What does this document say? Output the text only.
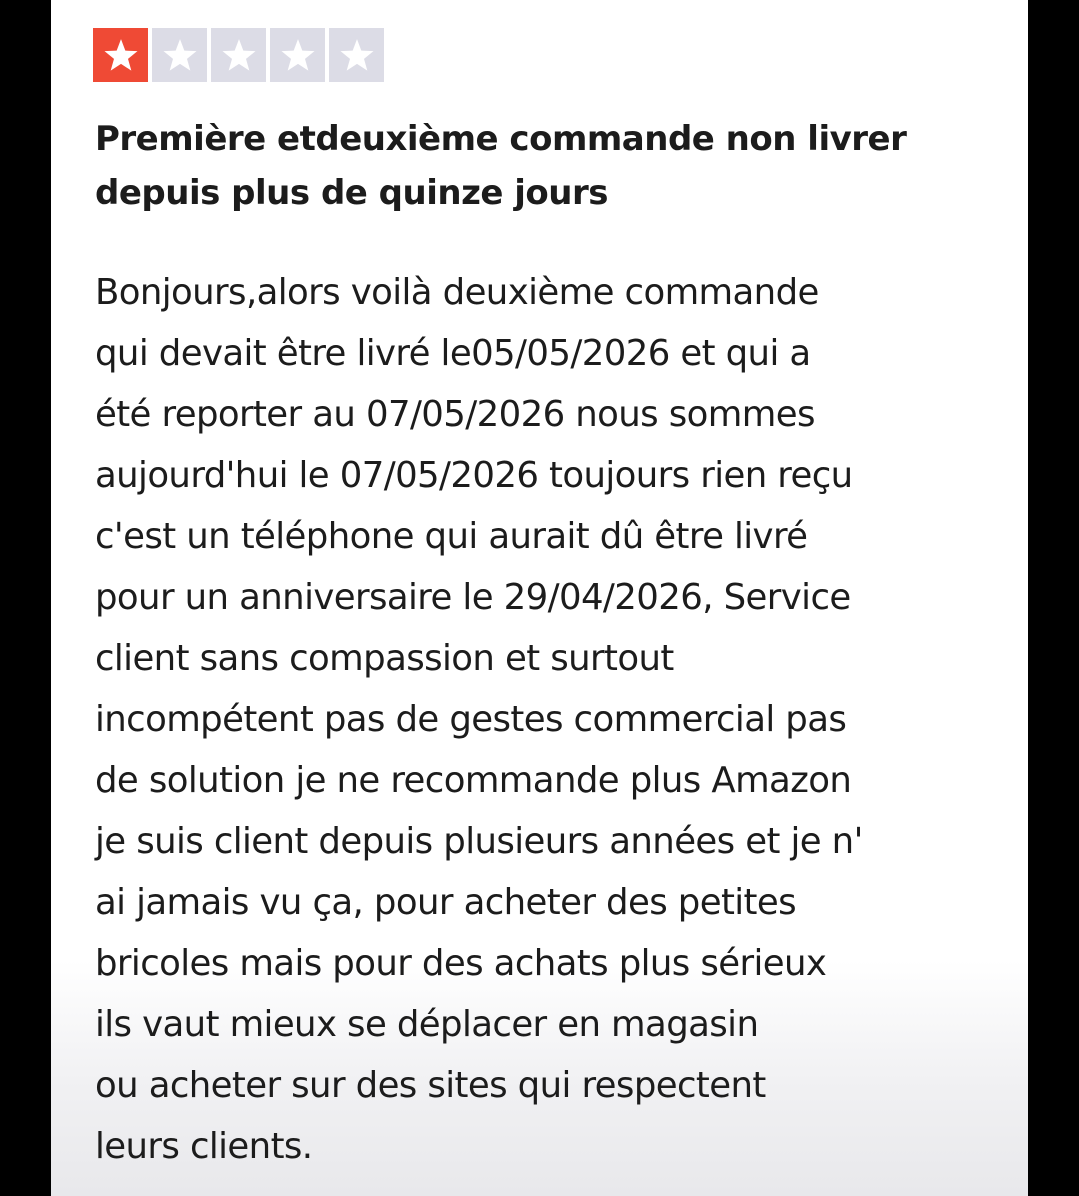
Première etdeuxième commande non livrer
depuis plus de quinze jours

Bonjours,alors voilà deuxième commande
qui devait être livré le05/05/2026 et qui a
été reporter au 07/05/2026 nous sommes
aujourd'hui le 07/05/2026 toujours rien reçu
c'est un téléphone qui aurait dû être livré
pour un anniversaire le 29/04/2026, Service
client sans compassion et surtout
incompétent pas de gestes commercial pas
de solution je ne recommande plus Amazon
je suis client depuis plusieurs années et je n'
ai jamais vu ça, pour acheter des petites
bricoles mais pour des achats plus sérieux
ils vaut mieux se déplacer en magasin
ou acheter sur des sites qui respectent
leurs clients.
